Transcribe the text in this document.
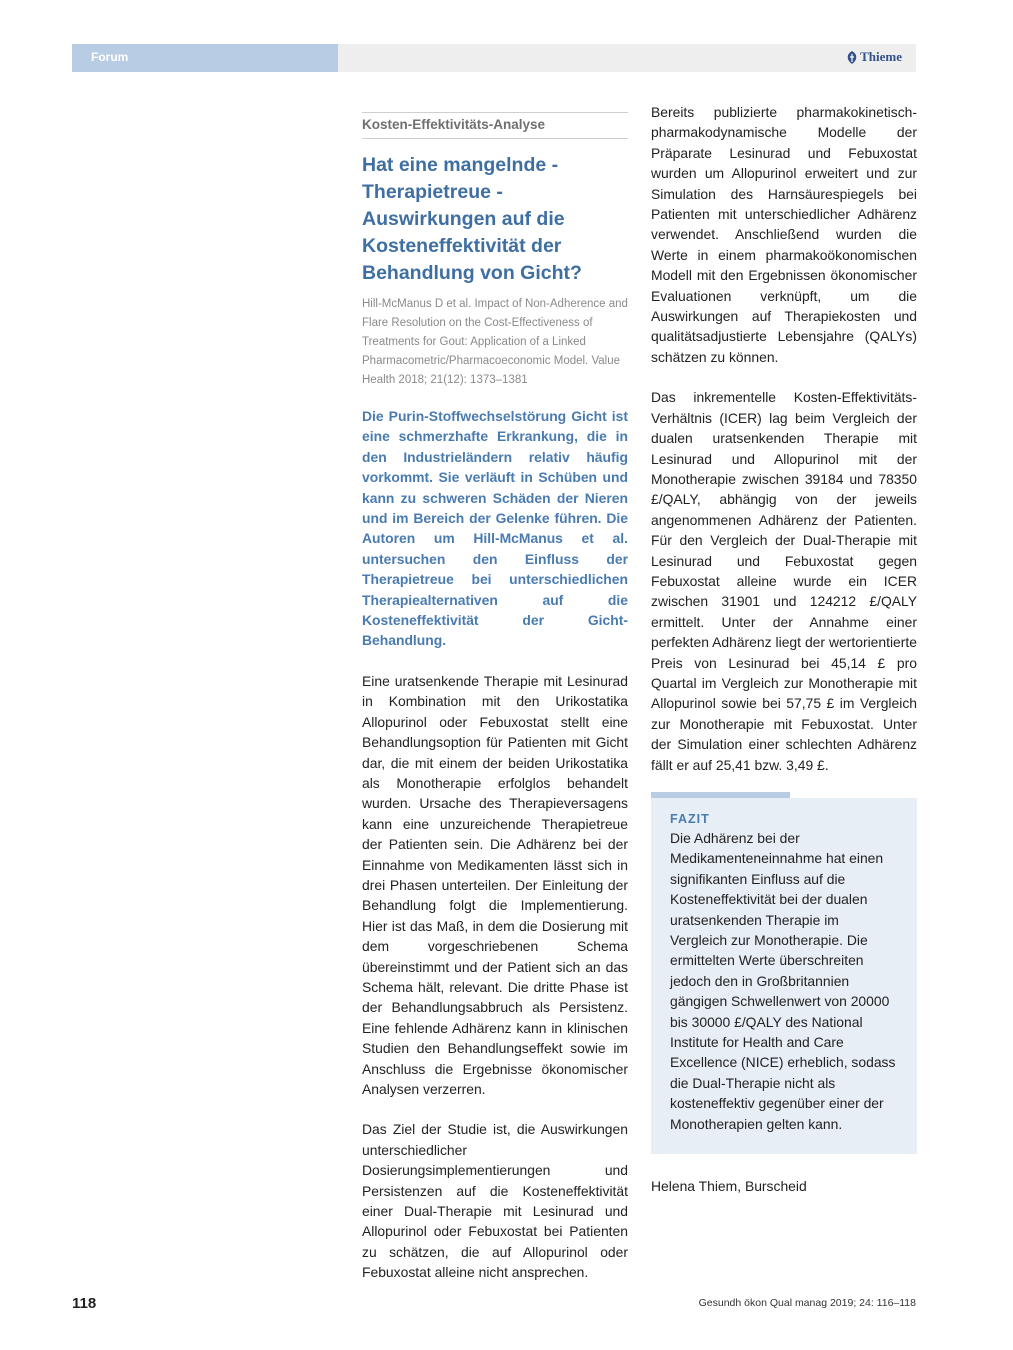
Forum	Thieme
Kosten-Effektivitäts-Analyse
Hat eine mangelnde - Therapietreue - Auswirkungen auf die Kosteneffektivität der Behandlung von Gicht?

Hill-McManus D et al. Impact of Non-Adherence and Flare Resolution on the Cost-Effectiveness of Treatments for Gout: Application of a Linked Pharmacometric/Pharmacoeconomic Model. Value Health 2018; 21(12): 1373–1381

Die Purin-Stoffwechselstörung Gicht ist eine schmerzhafte Erkrankung, die in den Industrieländern relativ häufig vorkommt. Sie verläuft in Schüben und kann zu schweren Schäden der Nieren und im Bereich der Gelenke führen. Die Autoren um Hill-McManus et al. untersuchen den Einfluss der Therapietreue bei unterschiedlichen Therapiealternativen auf die Kosteneffektivität der Gicht-Behandlung.

Eine uratsenkende Therapie mit Lesinurad in Kombination mit den Urikostatika Allopurinol oder Febuxostat stellt eine Behandlungsoption für Patienten mit Gicht dar, die mit einem der beiden Urikostatika als Monotherapie erfolglos behandelt wurden. Ursache des Therapieversagens kann eine unzureichende Therapietreue der Patienten sein. Die Adhärenz bei der Einnahme von Medikamenten lässt sich in drei Phasen unterteilen. Der Einleitung der Behandlung folgt die Implementierung. Hier ist das Maß, in dem die Dosierung mit dem vorgeschriebenen Schema übereinstimmt und der Patient sich an das Schema hält, relevant. Die dritte Phase ist der Behandlungsabbruch als Persistenz. Eine fehlende Adhärenz kann in klinischen Studien den Behandlungseffekt sowie im Anschluss die Ergebnisse ökonomischer Analysen verzerren.

Das Ziel der Studie ist, die Auswirkungen unterschiedlicher Dosierungsimplementierungen und Persistenzen auf die Kosteneffektivität einer Dual-Therapie mit Lesinurad und Allopurinol oder Febuxostat bei Patienten zu schätzen, die auf Allopurinol oder Febuxostat alleine nicht ansprechen.

Bereits publizierte pharmakokinetisch-pharmakodynamische Modelle der Präparate Lesinurad und Febuxostat wurden um Allopurinol erweitert und zur Simulation des Harnsäurespiegels bei Patienten mit unterschiedlicher Adhärenz verwendet. Anschließend wurden die Werte in einem pharmakoökonomischen Modell mit den Ergebnissen ökonomischer Evaluationen verknüpft, um die Auswirkungen auf Therapiekosten und qualitätsadjustierte Lebensjahre (QALYs) schätzen zu können.

Das inkrementelle Kosten-Effektivitäts-Verhältnis (ICER) lag beim Vergleich der dualen uratsenkenden Therapie mit Lesinurad und Allopurinol mit der Monotherapie zwischen 39184 und 78350 £/QALY, abhängig von der jeweils angenommenen Adhärenz der Patienten. Für den Vergleich der Dual-Therapie mit Lesinurad und Febuxostat gegen Febuxostat alleine wurde ein ICER zwischen 31901 und 124212 £/QALY ermittelt. Unter der Annahme einer perfekten Adhärenz liegt der wertorientierte Preis von Lesinurad bei 45,14 £ pro Quartal im Vergleich zur Monotherapie mit Allopurinol sowie bei 57,75 £ im Vergleich zur Monotherapie mit Febuxostat. Unter der Simulation einer schlechten Adhärenz fällt er auf 25,41 bzw. 3,49 £.

FAZIT

Die Adhärenz bei der Medikamenteneinnahme hat einen signifikanten Einfluss auf die Kosteneffektivität bei der dualen uratsenkenden Therapie im Vergleich zur Monotherapie. Die ermittelten Werte überschreiten jedoch den in Großbritannien gängigen Schwellenwert von 20000 bis 30000 £/QALY des National Institute for Health and Care Excellence (NICE) erheblich, sodass die Dual-Therapie nicht als kosteneffektiv gegenüber einer der Monotherapien gelten kann.

Helena Thiem, Burscheid

118	Gesundh ökon Qual manag 2019; 24: 116–118
